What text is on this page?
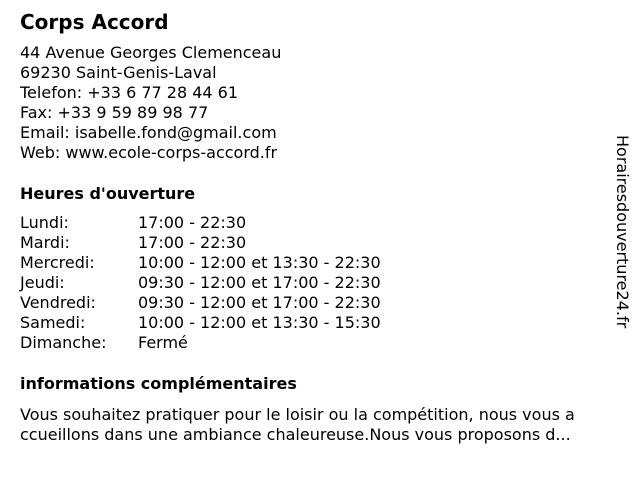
Corps Accord
44 Avenue Georges Clemenceau
69230 Saint-Genis-Laval
Telefon: +33 6 77 28 44 61
Fax: +33 9 59 89 98 77
Email: isabelle.fond@gmail.com
Web: www.ecole-corps-accord.fr
Heures d'ouverture
Lundi:	17:00 - 22:30
Mardi:	17:00 - 22:30
Mercredi:	10:00 - 12:00 et 13:30 - 22:30
Jeudi:	09:30 - 12:00 et 17:00 - 22:30
Vendredi:	09:30 - 12:00 et 17:00 - 22:30
Samedi:	10:00 - 12:00 et 13:30 - 15:30
Dimanche:	Fermé
informations complémentaires
Vous souhaitez pratiquer pour le loisir ou la compétition, nous vous a
ccueillons dans une ambiance chaleureuse.Nous vous proposons d...
Horairesdouverture24.fr
